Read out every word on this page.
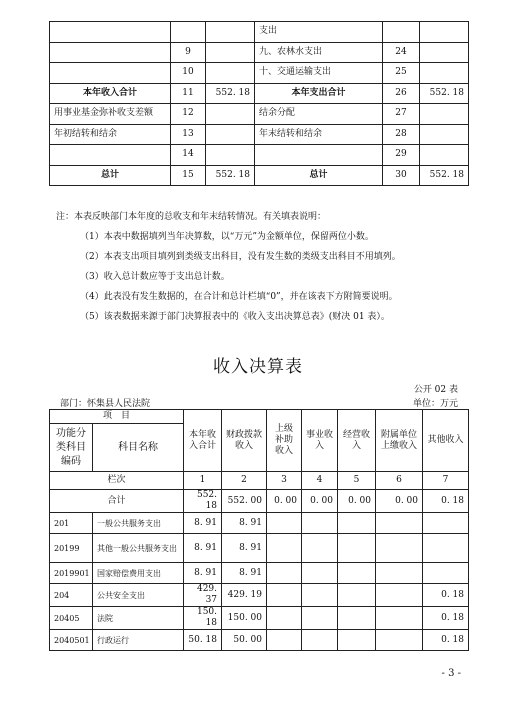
			支出		
	9		九、农林水支出	24	
	10		十、交通运输支出	25	
本年收入合计	11	552. 18	本年支出合计	26	552. 18
用事业基金弥补收支差额	12		结余分配	27	
年初结转和结余	13		年末结转和结余	28	
	14			29	
总计	15	552. 18	总计	30	552. 18
注：本表反映部门本年度的总收支和年末结转情况。有关填表说明：
（1）本表中数据填列当年决算数，以“万元”为金额单位，保留两位小数。
（2）本表支出项目填列到类级支出科目，没有发生数的类级支出科目不用填列。
（3）收入总计数应等于支出总计数。
（4）此表没有发生数据的，在合计和总计栏填“0”，并在该表下方附简要说明。
（5）该表数据来源于部门决算报表中的《收入支出决算总表》(财决 01 表）。
收入决算表
公开 02 表
部门：怀集县人民法院	单位：万元
项　目		本年收入合计	财政拨款收入	上级补助收入	事业收入	经营收入	附属单位上缴收入	其他收入
功能分类科目编码	科目名称							
栏次		1	2	3	4	5	6	7
合计		552. 18	552. 00	0. 00	0. 00	0. 00	0. 00	0. 18
201	一般公共服务支出	8. 91	8. 91					
20199	其他一般公共服务支出	8. 91	8. 91					
2019901	国家赔偿费用支出	8. 91	8. 91					
204	公共安全支出	429. 37	429. 19					0. 18
20405	法院	150. 18	150. 00					0. 18
2040501	行政运行	50. 18	50. 00					0. 18
- 3 -
